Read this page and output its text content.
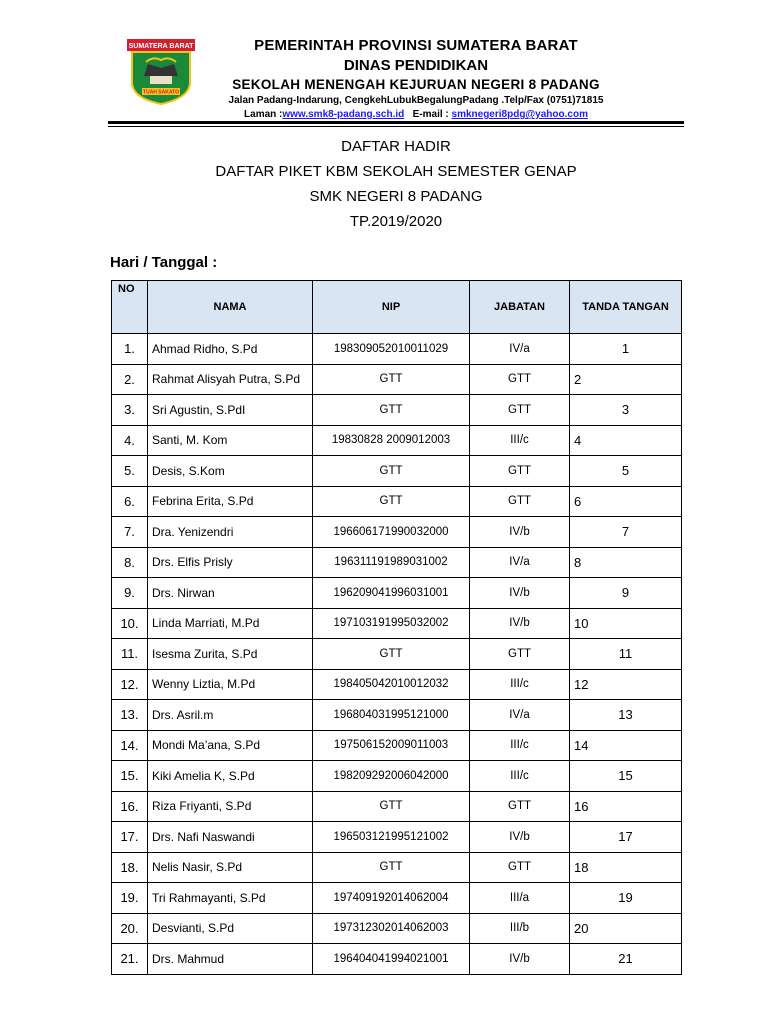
SUMATERA BARAT
TUAH SAKATO
PEMERINTAH PROVINSI SUMATERA BARAT
DINAS PENDIDIKAN
SEKOLAH MENENGAH KEJURUAN NEGERI 8 PADANG
Jalan Padang-Indarung, CengkehLubukBegalungPadang .Telp/Fax (0751)71815
Laman :www.smk8-padang.sch.id E-mail : smknegeri8pdg@yahoo.com
DAFTAR HADIR
DAFTAR PIKET KBM SEKOLAH SEMESTER GENAP
SMK NEGERI 8 PADANG
TP.2019/2020
Hari / Tanggal :
NO	NAMA	NIP	JABATAN	TANDA TANGAN
1.	Ahmad Ridho, S.Pd	198309052010011029	IV/a	1
2.	Rahmat Alisyah Putra, S.Pd	GTT	GTT	2
3.	Sri Agustin, S.PdI	GTT	GTT	3
4.	Santi, M. Kom	19830828 2009012003	III/c	4
5.	Desis, S.Kom	GTT	GTT	5
6.	Febrina Erita, S.Pd	GTT	GTT	6
7.	Dra. Yenizendri	196606171990032000	IV/b	7
8.	Drs. Elfis Prisly	196311191989031002	IV/a	8
9.	Drs. Nirwan	196209041996031001	IV/b	9
10.	Linda Marriati, M.Pd	197103191995032002	IV/b	10
11.	Isesma Zurita, S.Pd	GTT	GTT	11
12.	Wenny Liztia, M.Pd	198405042010012032	III/c	12
13.	Drs. Asril.m	196804031995121000	IV/a	13
14.	Mondi Ma’ana, S.Pd	197506152009011003	III/c	14
15.	Kiki Amelia K, S.Pd	198209292006042000	III/c	15
16.	Riza Friyanti, S.Pd	GTT	GTT	16
17.	Drs. Nafi Naswandi	196503121995121002	IV/b	17
18.	Nelis Nasir, S.Pd	GTT	GTT	18
19.	Tri Rahmayanti, S.Pd	197409192014062004	III/a	19
20.	Desvianti, S.Pd	197312302014062003	III/b	20
21.	Drs. Mahmud	196404041994021001	IV/b	21
